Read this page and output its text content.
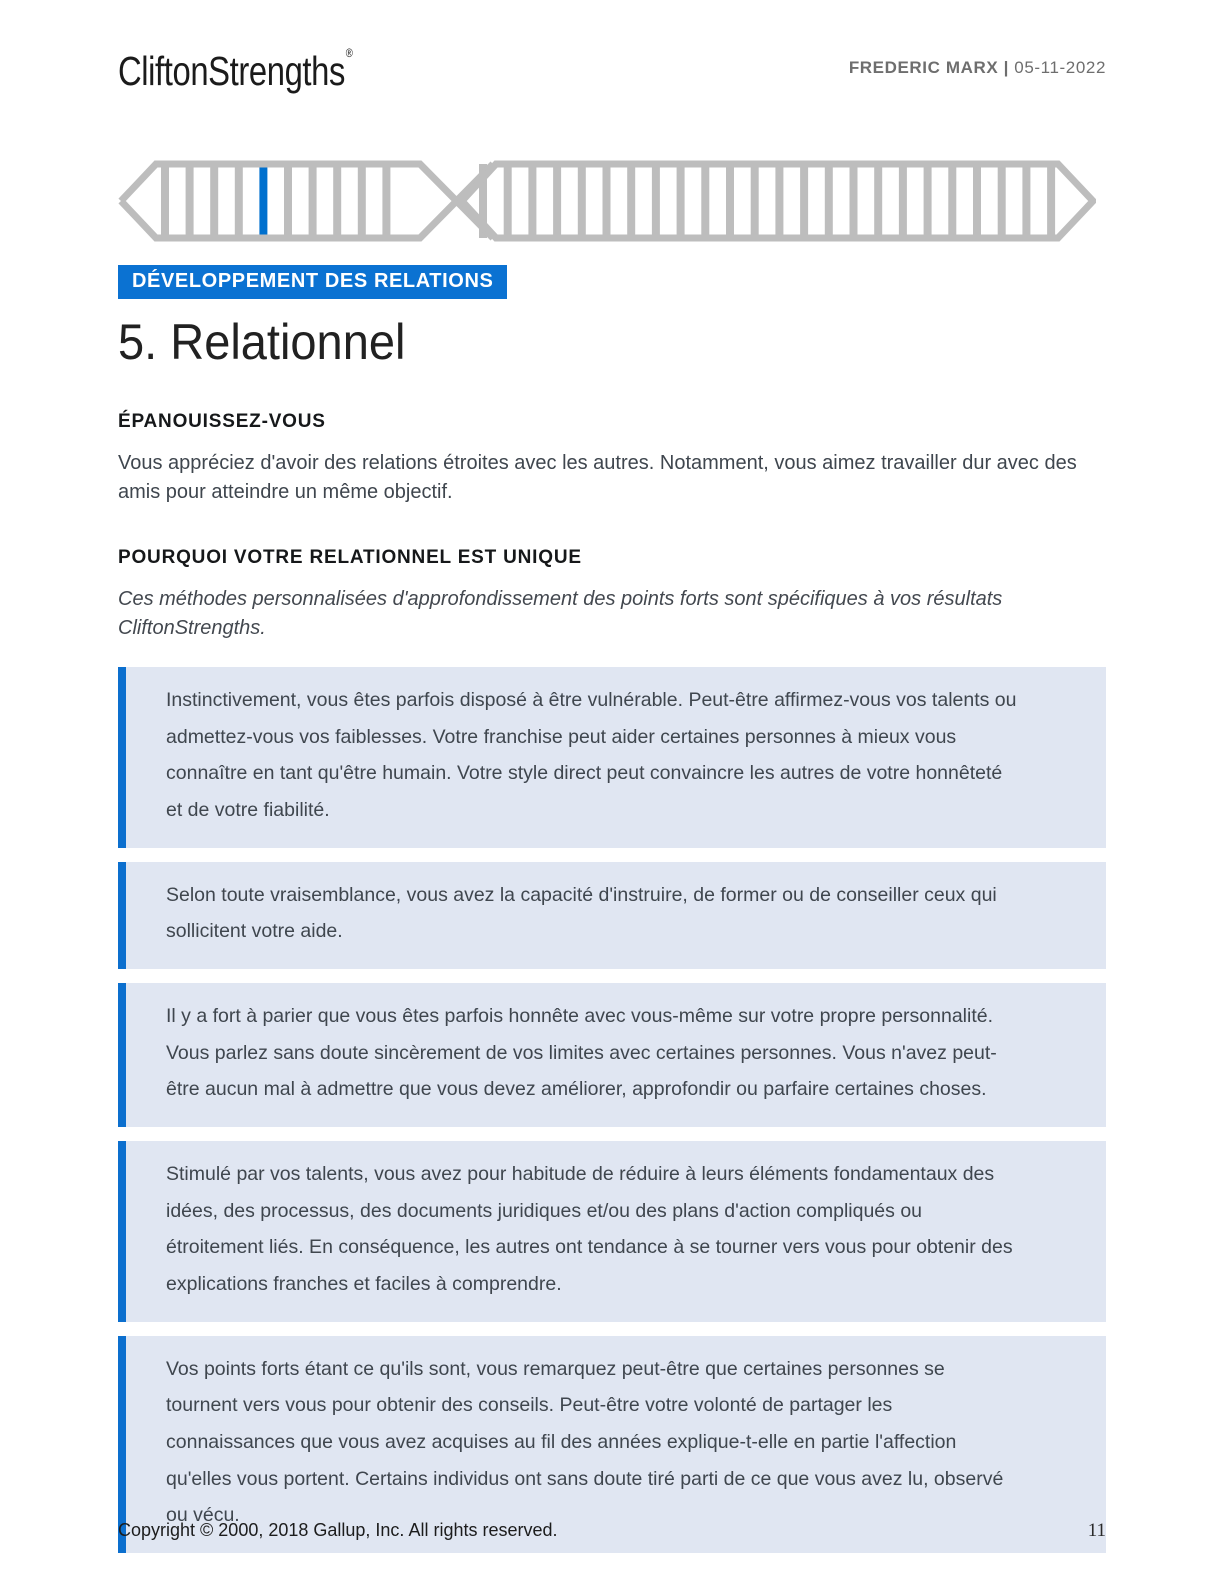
CliftonStrengths®
FREDERIC MARX | 05-11-2022
DÉVELOPPEMENT DES RELATIONS
5. Relationnel
ÉPANOUISSEZ-VOUS
Vous appréciez d'avoir des relations étroites avec les autres. Notamment, vous aimez travailler dur avec des amis pour atteindre un même objectif.
POURQUOI VOTRE RELATIONNEL EST UNIQUE
Ces méthodes personnalisées d'approfondissement des points forts sont spécifiques à vos résultats CliftonStrengths.
Instinctivement, vous êtes parfois disposé à être vulnérable. Peut-être affirmez-vous vos talents ou admettez-vous vos faiblesses. Votre franchise peut aider certaines personnes à mieux vous connaître en tant qu'être humain. Votre style direct peut convaincre les autres de votre honnêteté et de votre fiabilité.
Selon toute vraisemblance, vous avez la capacité d'instruire, de former ou de conseiller ceux qui sollicitent votre aide.
Il y a fort à parier que vous êtes parfois honnête avec vous-même sur votre propre personnalité. Vous parlez sans doute sincèrement de vos limites avec certaines personnes. Vous n'avez peut-être aucun mal à admettre que vous devez améliorer, approfondir ou parfaire certaines choses.
Stimulé par vos talents, vous avez pour habitude de réduire à leurs éléments fondamentaux des idées, des processus, des documents juridiques et/ou des plans d'action compliqués ou étroitement liés. En conséquence, les autres ont tendance à se tourner vers vous pour obtenir des explications franches et faciles à comprendre.
Vos points forts étant ce qu'ils sont, vous remarquez peut-être que certaines personnes se tournent vers vous pour obtenir des conseils. Peut-être votre volonté de partager les connaissances que vous avez acquises au fil des années explique-t-elle en partie l'affection qu'elles vous portent. Certains individus ont sans doute tiré parti de ce que vous avez lu, observé ou vécu.
Copyright © 2000, 2018 Gallup, Inc. All rights reserved.	11
